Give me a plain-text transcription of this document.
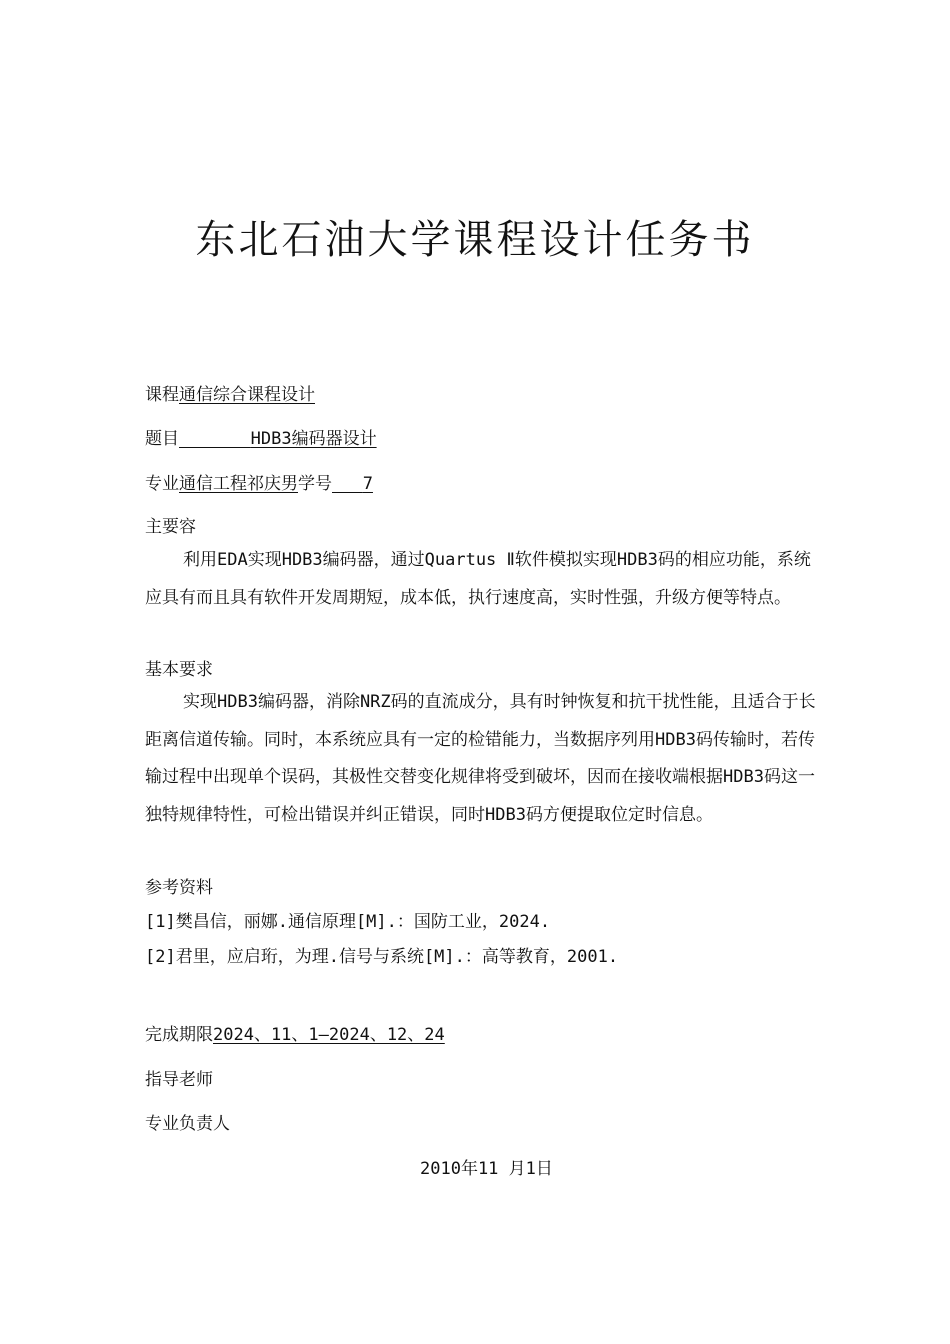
东北石油大学课程设计任务书
课程通信综合课程设计
题目	HDB3编码器设计
专业通信工程祁庆男学号 7
主要容
利用EDA实现HDB3编码器，通过Quartus Ⅱ软件模拟实现HDB3码的相应功能，系统应具有而且具有软件开发周期短，成本低，执行速度高，实时性强，升级方便等特点。
基本要求
实现HDB3编码器，消除NRZ码的直流成分，具有时钟恢复和抗干扰性能，且适合于长距离信道传输。同时，本系统应具有一定的检错能力，当数据序列用HDB3码传输时，若传输过程中出现单个误码，其极性交替变化规律将受到破坏，因而在接收端根据HDB3码这一独特规律特性，可检出错误并纠正错误，同时HDB3码方便提取位定时信息。
参考资料
[1]樊昌信，丽娜.通信原理[M].：国防工业，2024.
[2]君里，应启珩，为理.信号与系统[M].：高等教育，2001.
完成期限2024、11、1—2024、12、24
指导老师
专业负责人
2010年11 月1日
